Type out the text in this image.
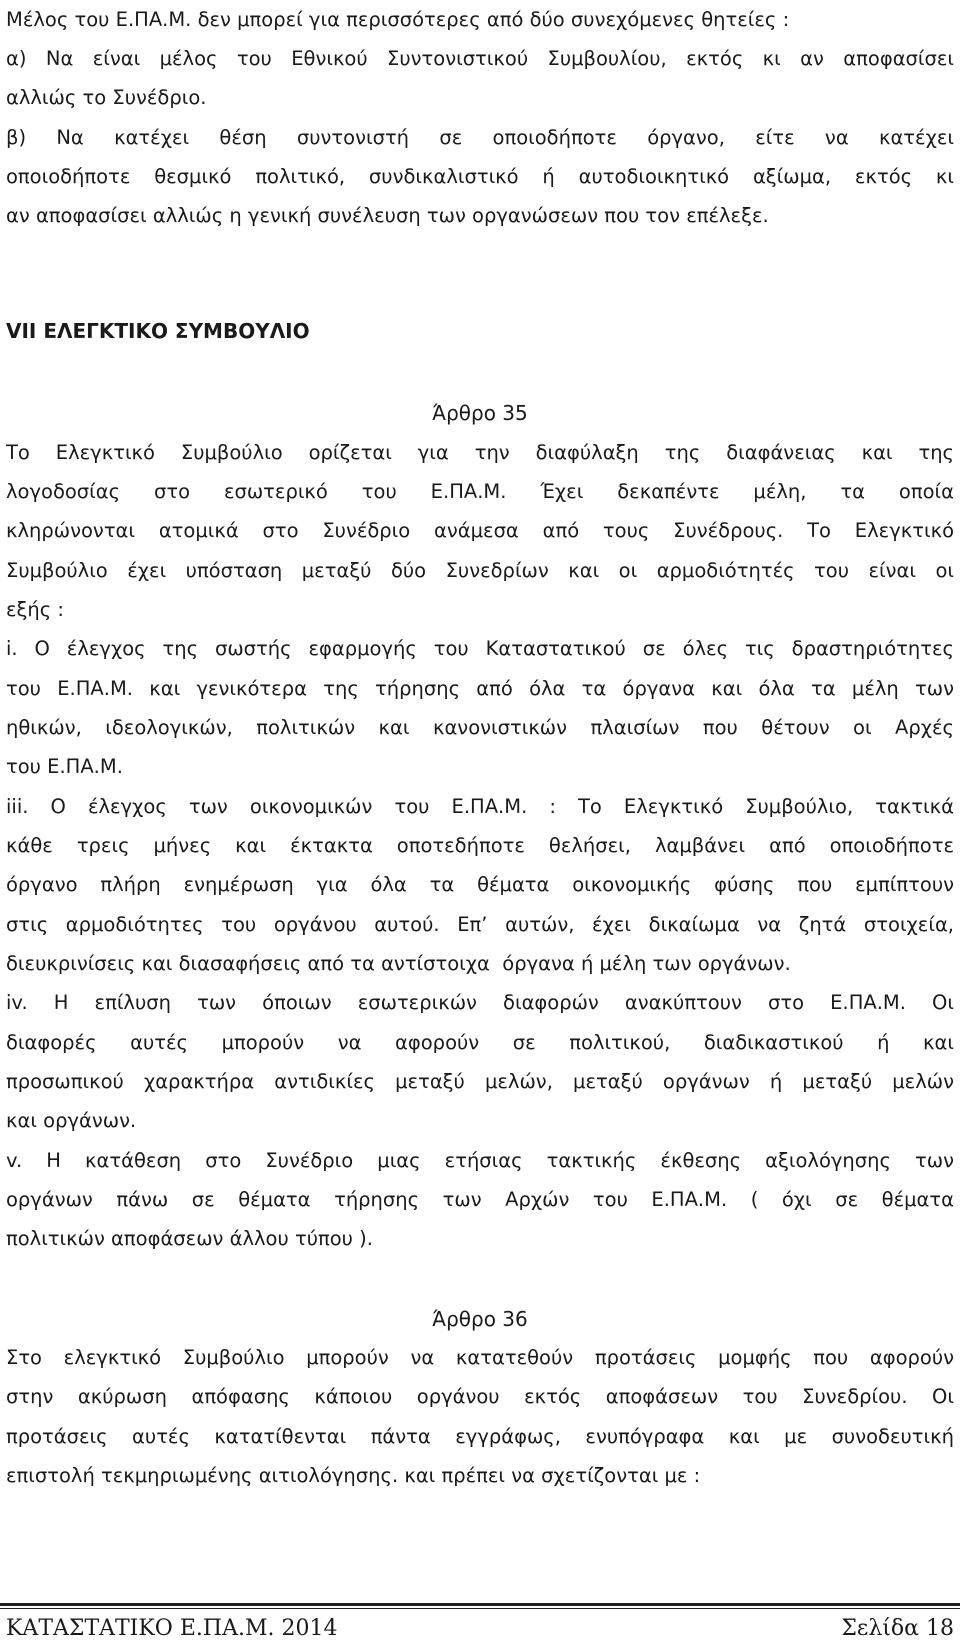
Μέλος του Ε.ΠΑ.Μ. δεν μπορεί για περισσότερες από δύο συνεχόμενες θητείες :
α) Να είναι μέλος του Εθνικού Συντονιστικού Συμβουλίου, εκτός κι αν αποφασίσει
αλλιώς το Συνέδριο.
β) Να κατέχει θέση συντονιστή σε οποιοδήποτε όργανο, είτε να κατέχει
οποιοδήποτε θεσμικό πολιτικό, συνδικαλιστικό ή αυτοδιοικητικό αξίωμα, εκτός κι
αν αποφασίσει αλλιώς η γενική συνέλευση των οργανώσεων που τον επέλεξε.
VII ΕΛΕΓΚΤΙΚΟ ΣΥΜΒΟΥΛΙΟ
Άρθρο 35
Το Ελεγκτικό Συμβούλιο ορίζεται για την διαφύλαξη της διαφάνειας και της
λογοδοσίας στο εσωτερικό του Ε.ΠΑ.Μ. Έχει δεκαπέντε μέλη, τα οποία
κληρώνονται ατομικά στο Συνέδριο ανάμεσα από τους Συνέδρους. Το Ελεγκτικό
Συμβούλιο έχει υπόσταση μεταξύ δύο Συνεδρίων και οι αρμοδιότητές του είναι οι
εξής :
i. Ο έλεγχος της σωστής εφαρμογής του Καταστατικού σε όλες τις δραστηριότητες
του Ε.ΠΑ.Μ. και γενικότερα της τήρησης από όλα τα όργανα και όλα τα μέλη των
ηθικών, ιδεολογικών, πολιτικών και κανονιστικών πλαισίων που θέτουν οι Αρχές
του Ε.ΠΑ.Μ.
iii. Ο έλεγχος των οικονομικών του Ε.ΠΑ.Μ. : Το Ελεγκτικό Συμβούλιο, τακτικά
κάθε τρεις μήνες και έκτακτα οποτεδήποτε θελήσει, λαμβάνει από οποιοδήποτε
όργανο πλήρη ενημέρωση για όλα τα θέματα οικονομικής φύσης που εμπίπτουν
στις αρμοδιότητες του οργάνου αυτού. Επ’ αυτών, έχει δικαίωμα να ζητά στοιχεία,
διευκρινίσεις και διασαφήσεις από τα αντίστοιχα  όργανα ή μέλη των οργάνων.
iv. Η επίλυση των όποιων εσωτερικών διαφορών ανακύπτουν στο Ε.ΠΑ.Μ. Οι
διαφορές αυτές μπορούν να αφορούν σε πολιτικού, διαδικαστικού ή και
προσωπικού χαρακτήρα αντιδικίες μεταξύ μελών, μεταξύ οργάνων ή μεταξύ μελών
και οργάνων.
v. Η κατάθεση στο Συνέδριο μιας ετήσιας τακτικής έκθεσης αξιολόγησης των
οργάνων πάνω σε θέματα τήρησης των Αρχών του Ε.ΠΑ.Μ. ( όχι σε θέματα
πολιτικών αποφάσεων άλλου τύπου ).
Άρθρο 36
Στο ελεγκτικό Συμβούλιο μπορούν να κατατεθούν προτάσεις μομφής που αφορούν
στην ακύρωση απόφασης κάποιου οργάνου εκτός αποφάσεων του Συνεδρίου. Οι
προτάσεις αυτές κατατίθενται πάντα εγγράφως, ενυπόγραφα και με συνοδευτική
επιστολή τεκμηριωμένης αιτιολόγησης. και πρέπει να σχετίζονται με :
ΚΑΤΑΣΤΑΤΙΚΟ Ε.ΠΑ.Μ. 2014	Σελίδα 18
